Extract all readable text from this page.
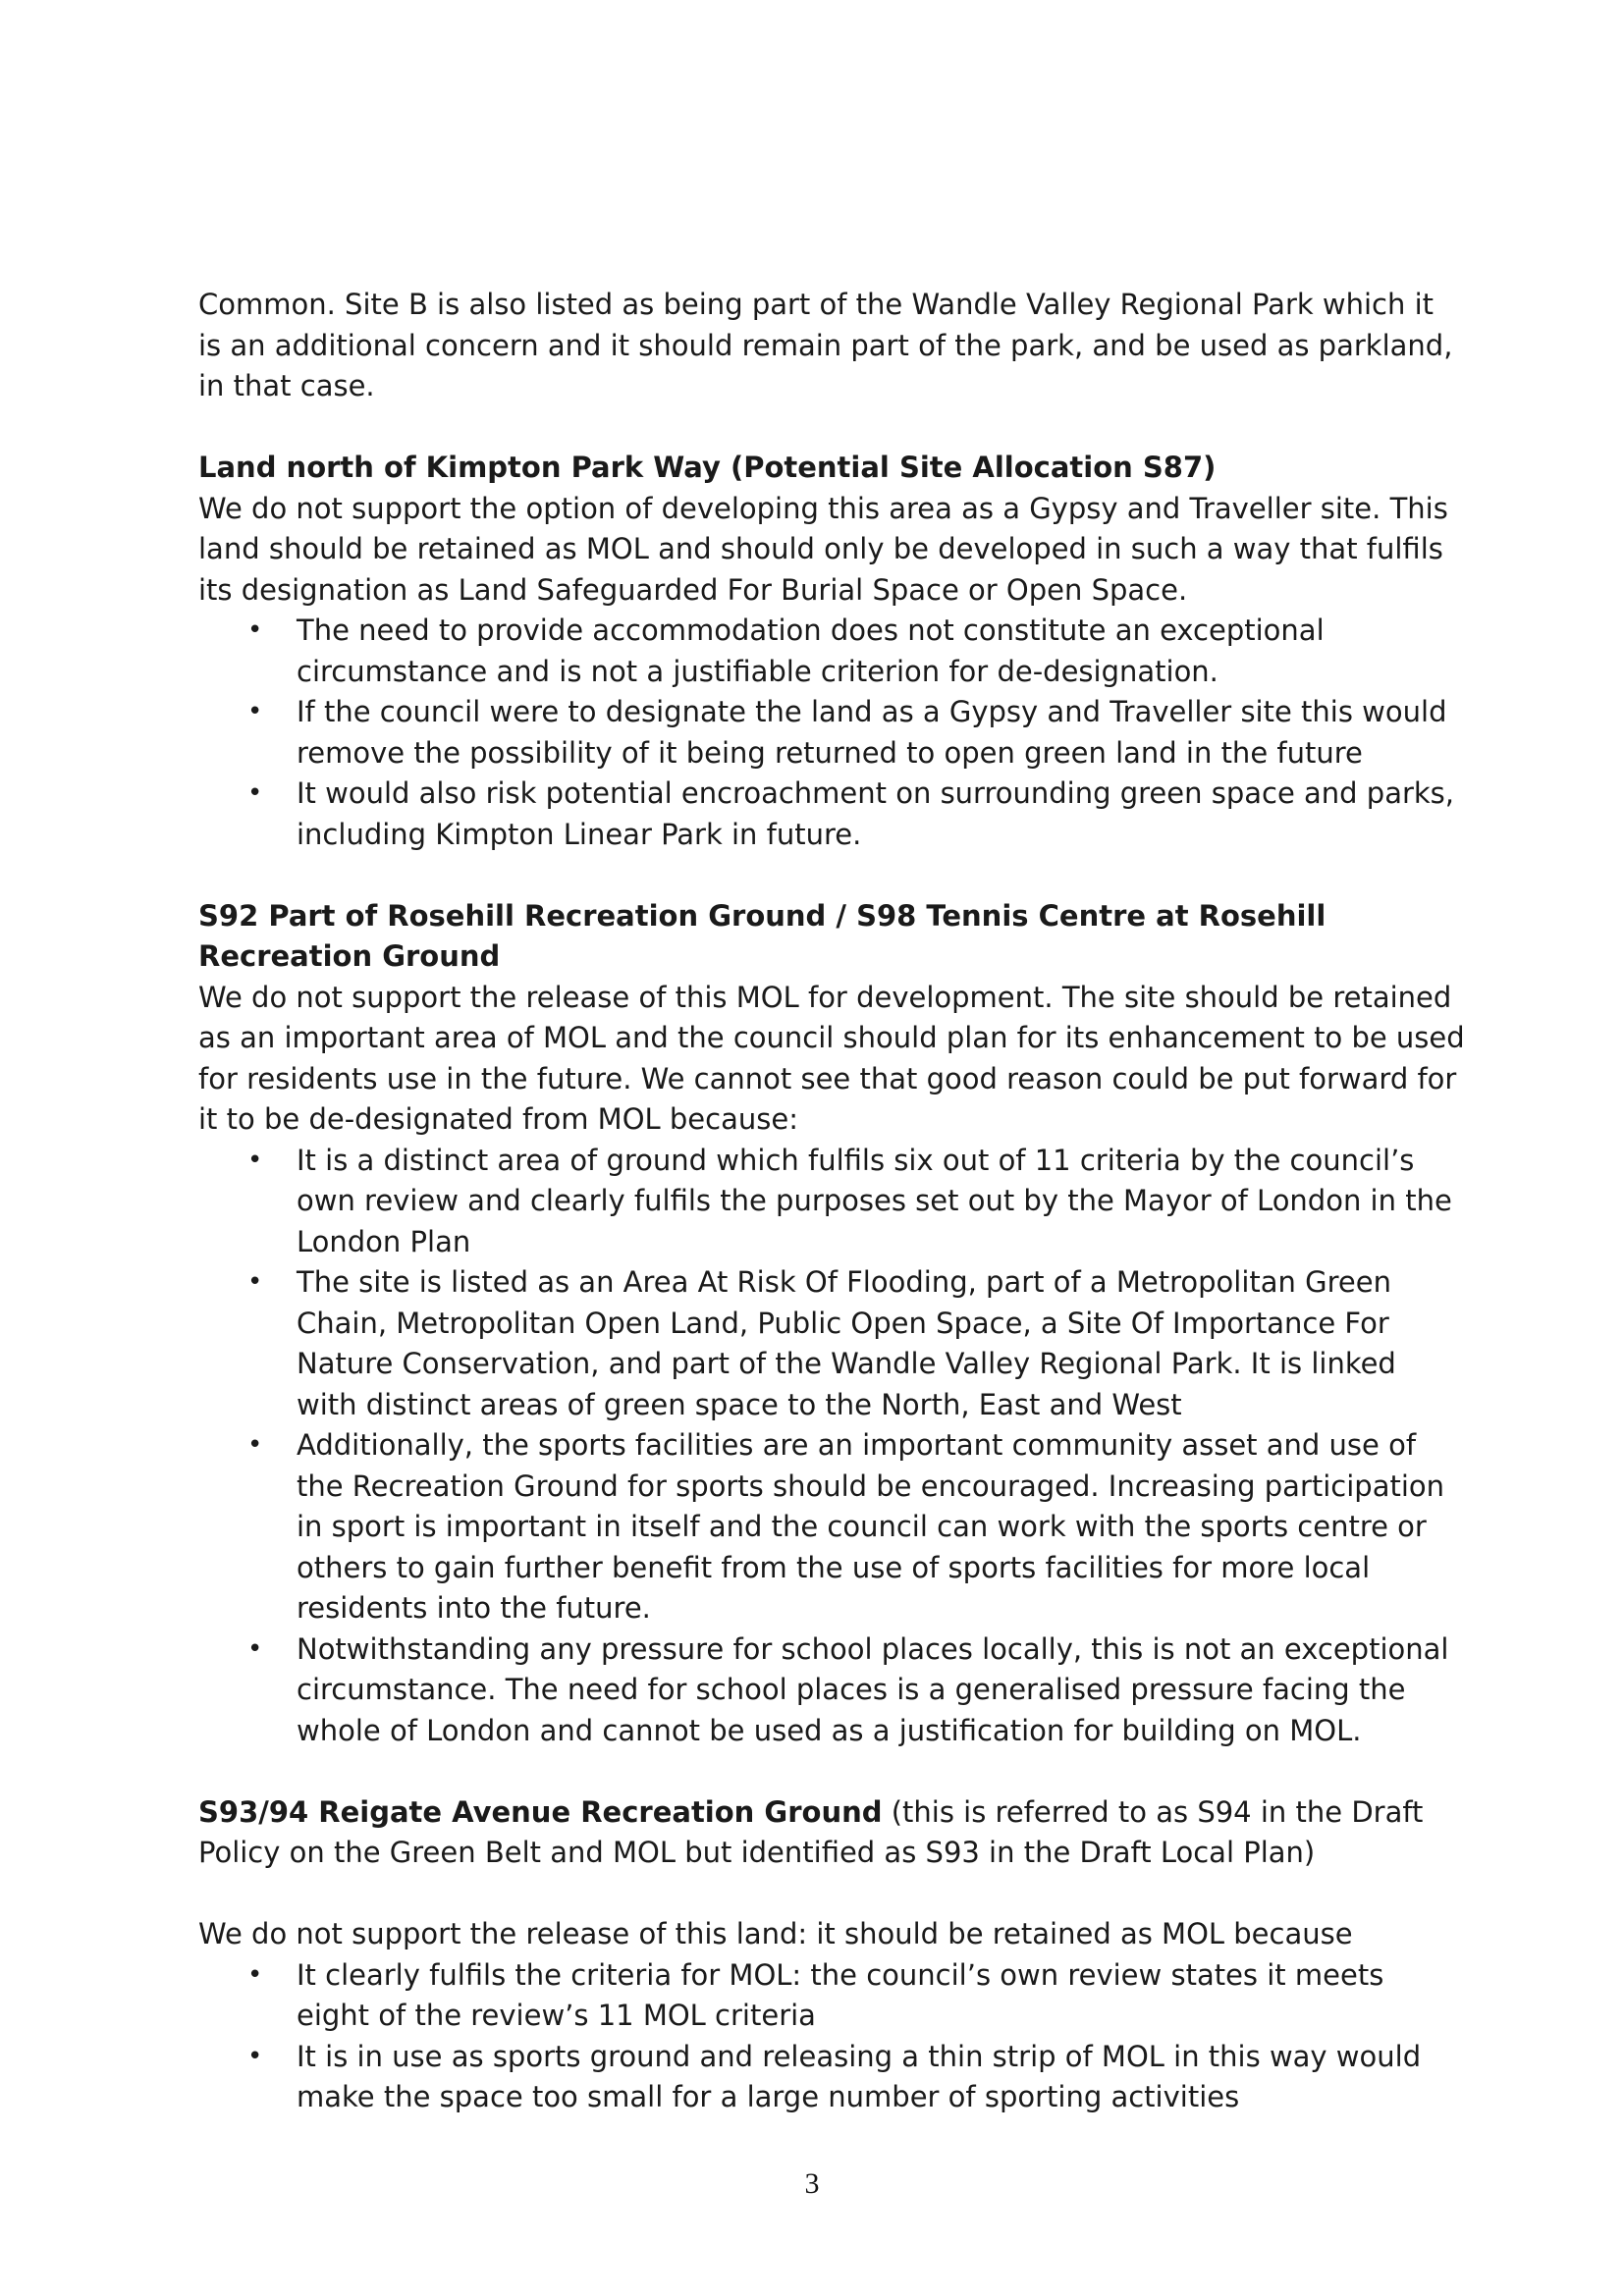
Common. Site B is also listed as being part of the Wandle Valley Regional Park which it is an additional concern and it should remain part of the park, and be used as parkland, in that case.

Land north of Kimpton Park Way (Potential Site Allocation S87)

We do not support the option of developing this area as a Gypsy and Traveller site. This land should be retained as MOL and should only be developed in such a way that fulfils its designation as Land Safeguarded For Burial Space or Open Space.

• The need to provide accommodation does not constitute an exceptional circumstance and is not a justifiable criterion for de-designation.
• If the council were to designate the land as a Gypsy and Traveller site this would remove the possibility of it being returned to open green land in the future
• It would also risk potential encroachment on surrounding green space and parks, including Kimpton Linear Park in future.

S92 Part of Rosehill Recreation Ground / S98 Tennis Centre at Rosehill Recreation Ground

We do not support the release of this MOL for development. The site should be retained as an important area of MOL and the council should plan for its enhancement to be used for residents use in the future. We cannot see that good reason could be put forward for it to be de-designated from MOL because:

• It is a distinct area of ground which fulfils six out of 11 criteria by the council’s own review and clearly fulfils the purposes set out by the Mayor of London in the London Plan
• The site is listed as an Area At Risk Of Flooding, part of a Metropolitan Green Chain, Metropolitan Open Land, Public Open Space, a Site Of Importance For Nature Conservation, and part of the Wandle Valley Regional Park. It is linked with distinct areas of green space to the North, East and West
• Additionally, the sports facilities are an important community asset and use of the Recreation Ground for sports should be encouraged. Increasing participation in sport is important in itself and the council can work with the sports centre or others to gain further benefit from the use of sports facilities for more local residents into the future.
• Notwithstanding any pressure for school places locally, this is not an exceptional circumstance. The need for school places is a generalised pressure facing the whole of London and cannot be used as a justification for building on MOL.

S93/94 Reigate Avenue Recreation Ground (this is referred to as S94 in the Draft Policy on the Green Belt and MOL but identified as S93 in the Draft Local Plan)

We do not support the release of this land: it should be retained as MOL because

• It clearly fulfils the criteria for MOL: the council’s own review states it meets eight of the review’s 11 MOL criteria
• It is in use as sports ground and releasing a thin strip of MOL in this way would make the space too small for a large number of sporting activities
3
